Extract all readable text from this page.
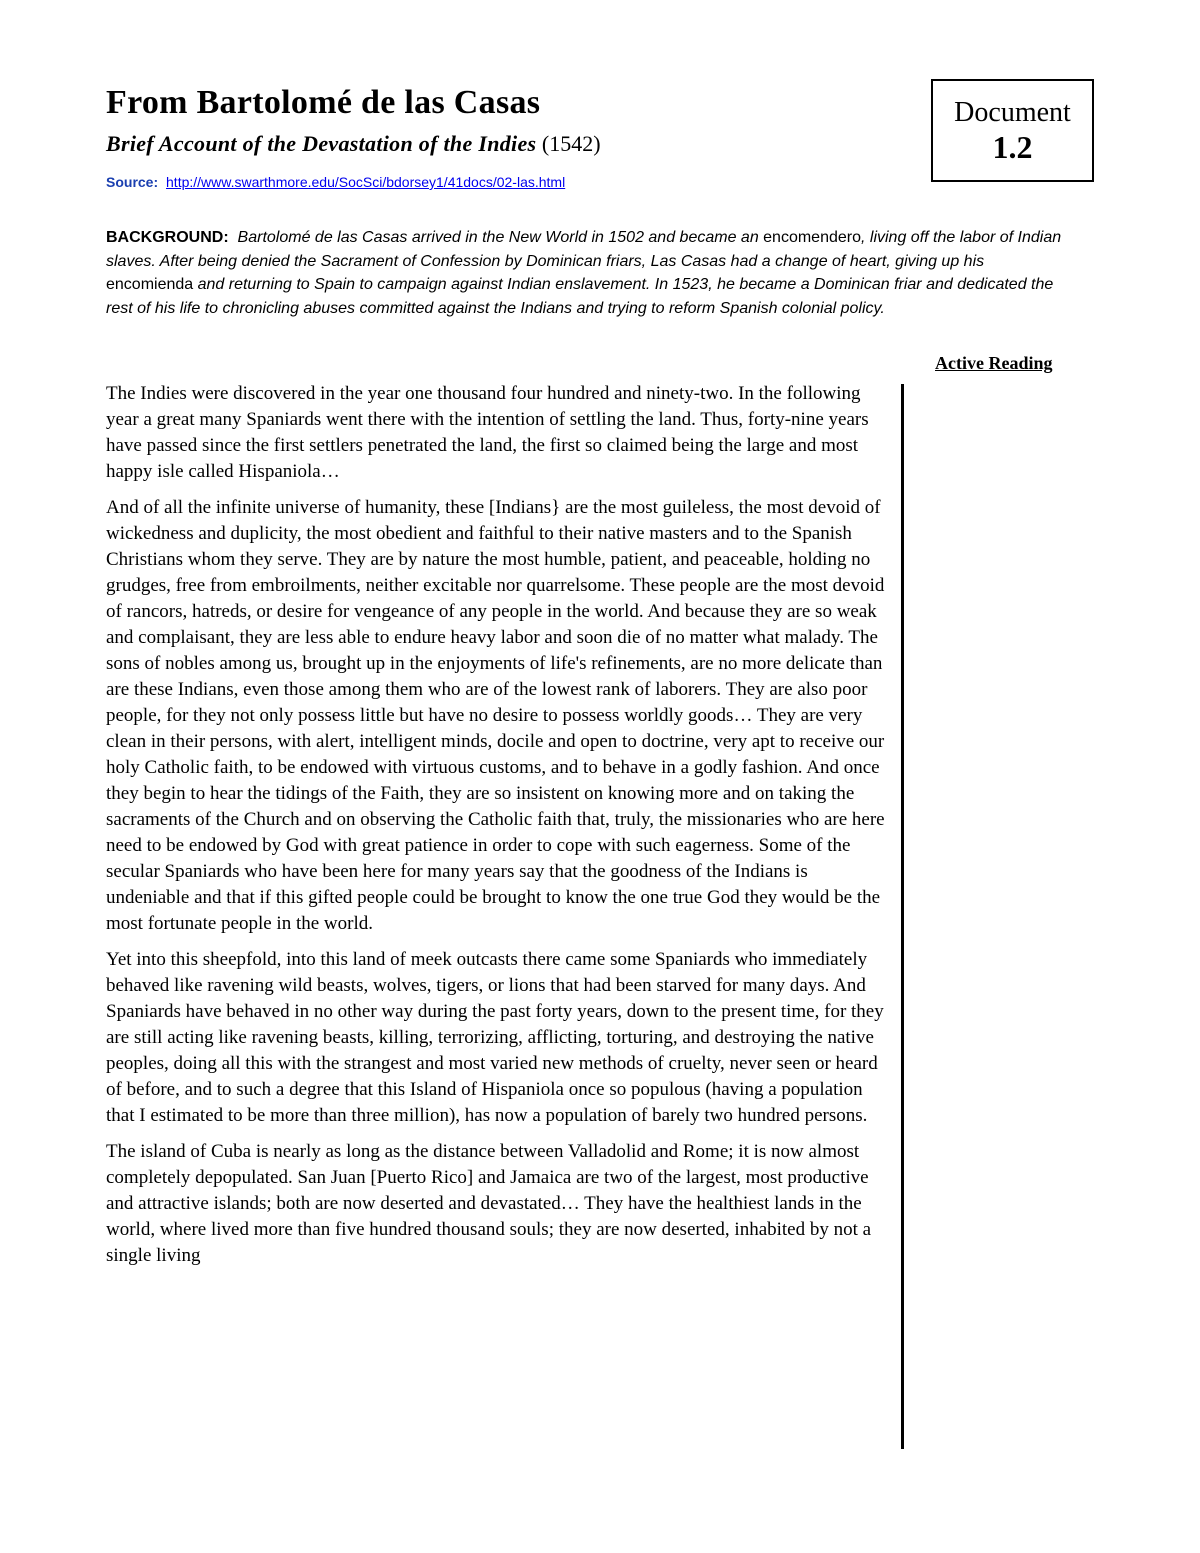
From Bartolomé de las Casas
Brief Account of the Devastation of the Indies (1542)
Source: http://www.swarthmore.edu/SocSci/bdorsey1/41docs/02-las.html
Document
1.2

BACKGROUND: Bartolomé de las Casas arrived in the New World in 1502 and became an encomendero, living off the labor of Indian slaves. After being denied the Sacrament of Confession by Dominican friars, Las Casas had a change of heart, giving up his encomienda and returning to Spain to campaign against Indian enslavement. In 1523, he became a Dominican friar and dedicated the rest of his life to chronicling abuses committed against the Indians and trying to reform Spanish colonial policy.

Active Reading

The Indies were discovered in the year one thousand four hundred and ninety-two. In the following year a great many Spaniards went there with the intention of settling the land. Thus, forty-nine years have passed since the first settlers penetrated the land, the first so claimed being the large and most happy isle called Hispaniola…

And of all the infinite universe of humanity, these [Indians} are the most guileless, the most devoid of wickedness and duplicity, the most obedient and faithful to their native masters and to the Spanish Christians whom they serve. They are by nature the most humble, patient, and peaceable, holding no grudges, free from embroilments, neither excitable nor quarrelsome. These people are the most devoid of rancors, hatreds, or desire for vengeance of any people in the world. And because they are so weak and complaisant, they are less able to endure heavy labor and soon die of no matter what malady. The sons of nobles among us, brought up in the enjoyments of life's refinements, are no more delicate than are these Indians, even those among them who are of the lowest rank of laborers. They are also poor people, for they not only possess little but have no desire to possess worldly goods… They are very clean in their persons, with alert, intelligent minds, docile and open to doctrine, very apt to receive our holy Catholic faith, to be endowed with virtuous customs, and to behave in a godly fashion. And once they begin to hear the tidings of the Faith, they are so insistent on knowing more and on taking the sacraments of the Church and on observing the Catholic faith that, truly, the missionaries who are here need to be endowed by God with great patience in order to cope with such eagerness. Some of the secular Spaniards who have been here for many years say that the goodness of the Indians is undeniable and that if this gifted people could be brought to know the one true God they would be the most fortunate people in the world.

Yet into this sheepfold, into this land of meek outcasts there came some Spaniards who immediately behaved like ravening wild beasts, wolves, tigers, or lions that had been starved for many days. And Spaniards have behaved in no other way during the past forty years, down to the present time, for they are still acting like ravening beasts, killing, terrorizing, afflicting, torturing, and destroying the native peoples, doing all this with the strangest and most varied new methods of cruelty, never seen or heard of before, and to such a degree that this Island of Hispaniola once so populous (having a population that I estimated to be more than three million), has now a population of barely two hundred persons.

The island of Cuba is nearly as long as the distance between Valladolid and Rome; it is now almost completely depopulated. San Juan [Puerto Rico] and Jamaica are two of the largest, most productive and attractive islands; both are now deserted and devastated… They have the healthiest lands in the world, where lived more than five hundred thousand souls; they are now deserted, inhabited by not a single living
